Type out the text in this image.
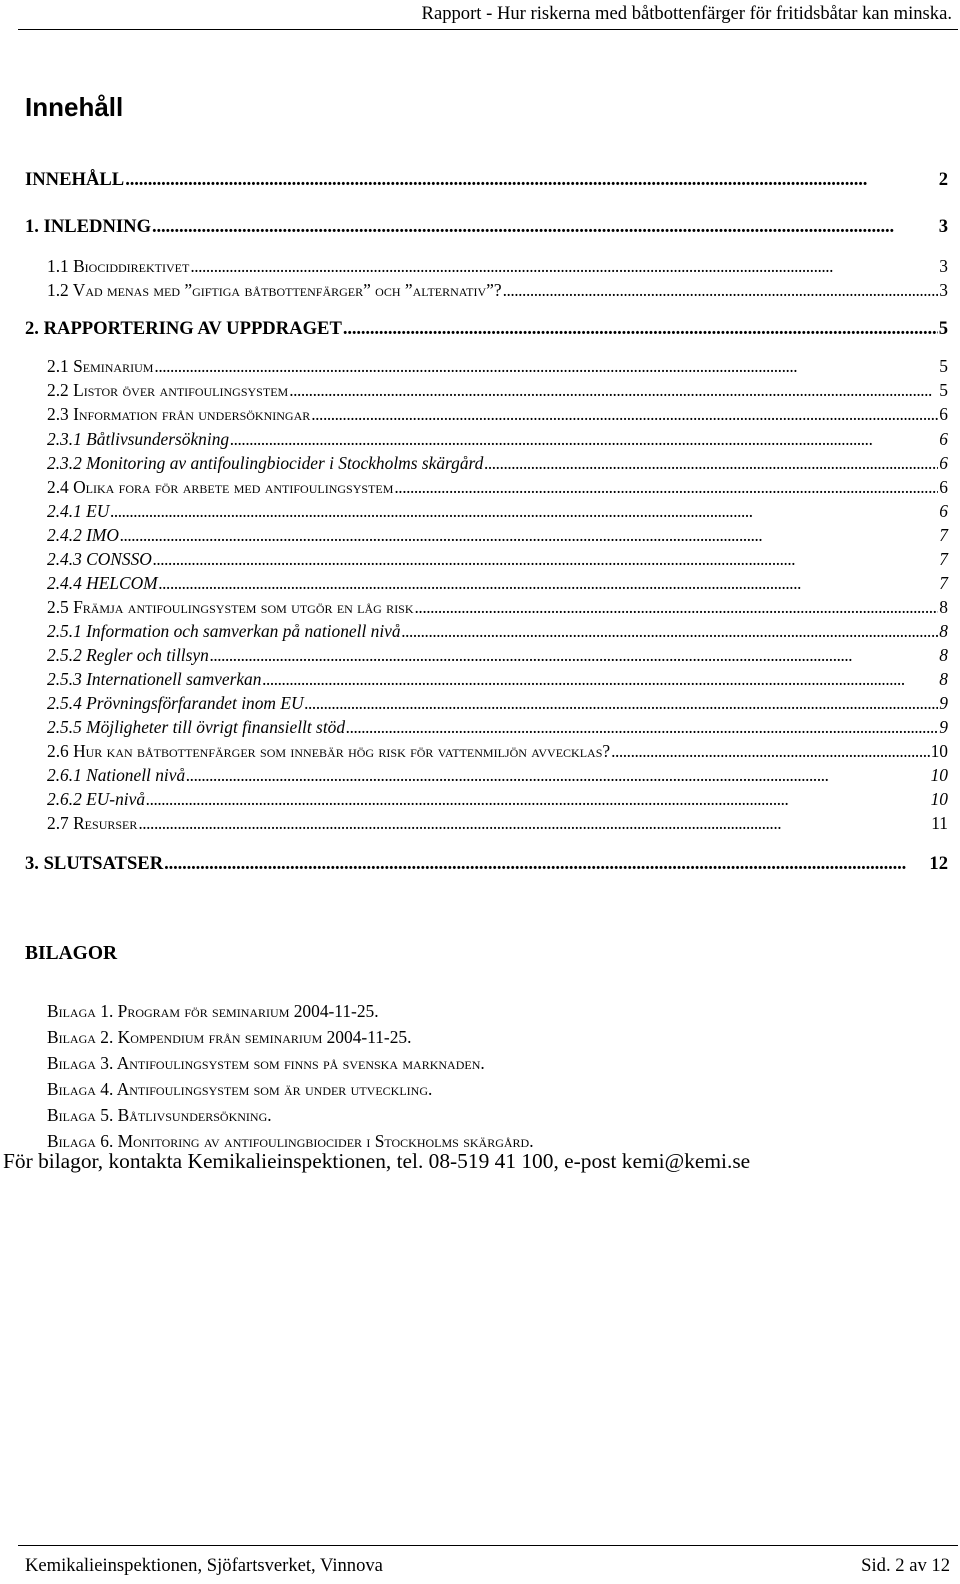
Rapport - Hur riskerna med båtbottenfärger för fritidsbåtar kan minska.
Innehåll
INNEHÅLL . . .	2
1. INLEDNING . . .	3
1.1 Biociddirektivet . . .	3
1.2 Vad menas med ”giftiga båtbottenfärger” och ”alternativ”? . . .	3
2. RAPPORTERING AV UPPDRAGET . . .	5
2.1 Seminarium . . .	5
2.2 Listor över antifoulingsystem . . .	5
2.3 Information från undersökningar . . .	6
2.3.1 Båtlivsundersökning . . .	6
2.3.2 Monitoring av antifoulingbiocider i Stockholms skärgård . . .	6
2.4 Olika fora för arbete med antifoulingsystem . . .	6
2.4.1 EU . . .	6
2.4.2 IMO . . .	7
2.4.3 CONSSO . . .	7
2.4.4 HELCOM . . .	7
2.5 Främja antifoulingsystem som utgör en låg risk . . .	8
2.5.1 Information och samverkan på nationell nivå . . .	8
2.5.2 Regler och tillsyn . . .	8
2.5.3 Internationell samverkan . . .	8
2.5.4 Prövningsförfarandet inom EU . . .	9
2.5.5 Möjligheter till övrigt finansiellt stöd . . .	9
2.6 Hur kan båtbottenfärger som innebär hög risk för vattenmiljön avvecklas? . . .	10
2.6.1 Nationell nivå . . .	10
2.6.2 EU-nivå . . .	10
2.7 Resurser . . .	11
3. SLUTSATSER . . .	12
BILAGOR
Bilaga 1. Program för seminarium 2004-11-25.
Bilaga 2. Kompendium från seminarium 2004-11-25.
Bilaga 3. Antifoulingsystem som finns på svenska marknaden.
Bilaga 4. Antifoulingsystem som är under utveckling.
Bilaga 5. Båtlivsundersökning.
Bilaga 6. Monitoring av antifoulingbiocider i Stockholms skärgård.
För bilagor, kontakta Kemikalieinspektionen, tel. 08-519 41 100, e-post kemi@kemi.se
Kemikalieinspektionen, Sjöfartsverket, Vinnova	Sid. 2 av 12
